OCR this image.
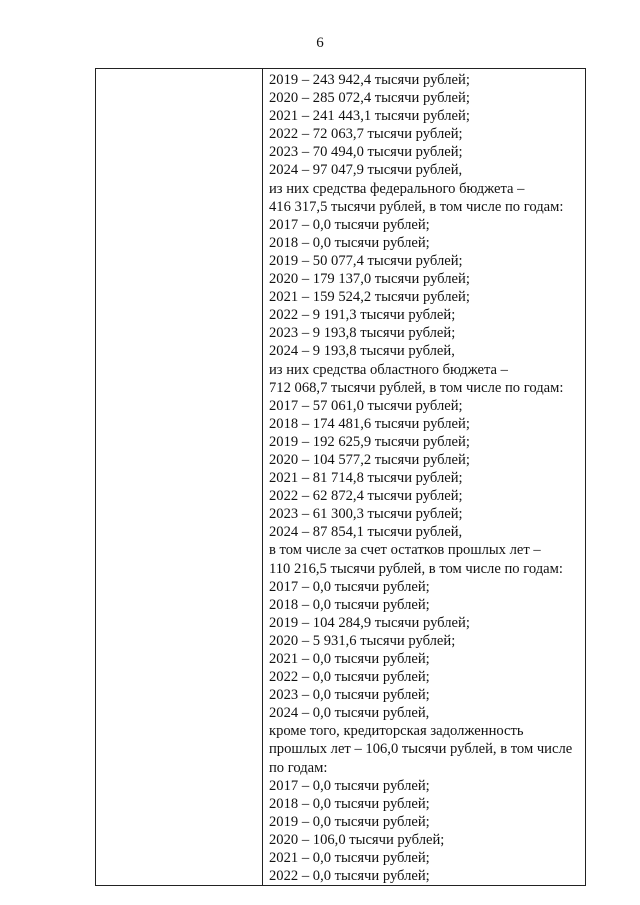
6

2019 – 243 942,4 тысячи рублей;
2020 – 285 072,4 тысячи рублей;
2021 – 241 443,1 тысячи рублей;
2022 – 72 063,7 тысячи рублей;
2023 – 70 494,0 тысячи рублей;
2024 – 97 047,9 тысячи рублей,
из них средства федерального бюджета –
416 317,5 тысячи рублей, в том числе по годам:
2017 – 0,0 тысячи рублей;
2018 – 0,0 тысячи рублей;
2019 – 50 077,4 тысячи рублей;
2020 – 179 137,0 тысячи рублей;
2021 – 159 524,2 тысячи рублей;
2022 – 9 191,3 тысячи рублей;
2023 – 9 193,8 тысячи рублей;
2024 – 9 193,8 тысячи рублей,
из них средства областного бюджета –
712 068,7 тысячи рублей, в том числе по годам:
2017 – 57 061,0 тысячи рублей;
2018 – 174 481,6 тысячи рублей;
2019 – 192 625,9 тысячи рублей;
2020 – 104 577,2 тысячи рублей;
2021 – 81 714,8 тысячи рублей;
2022 – 62 872,4 тысячи рублей;
2023 – 61 300,3 тысячи рублей;
2024 – 87 854,1 тысячи рублей,
в том числе за счет остатков прошлых лет –
110 216,5 тысячи рублей, в том числе по годам:
2017 – 0,0 тысячи рублей;
2018 – 0,0 тысячи рублей;
2019 – 104 284,9 тысячи рублей;
2020 – 5 931,6 тысячи рублей;
2021 – 0,0 тысячи рублей;
2022 – 0,0 тысячи рублей;
2023 – 0,0 тысячи рублей;
2024 – 0,0 тысячи рублей,
кроме того, кредиторская задолженность
прошлых лет – 106,0 тысячи рублей, в том числе
по годам:
2017 – 0,0 тысячи рублей;
2018 – 0,0 тысячи рублей;
2019 – 0,0 тысячи рублей;
2020 – 106,0 тысячи рублей;
2021 – 0,0 тысячи рублей;
2022 – 0,0 тысячи рублей;
